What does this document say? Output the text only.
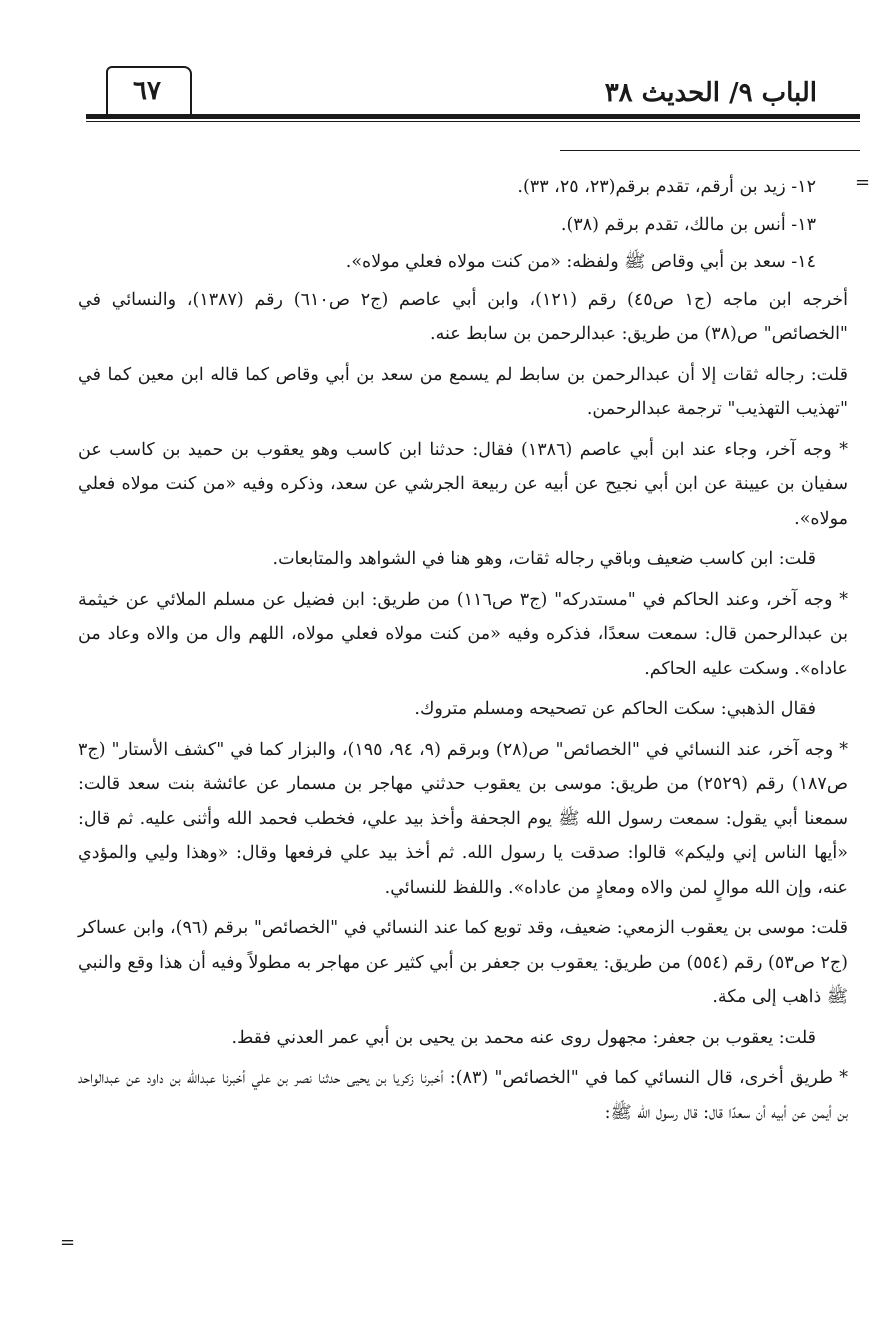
الباب ٩/ الحديث ٣٨
٦٧
=

١٢- زيد بن أرقم، تقدم برقم(٢٣، ٢٥، ٣٣).

١٣- أنس بن مالك، تقدم برقم (٣٨).

١٤- سعد بن أبي وقاص ﷺ ولفظه: «من كنت مولاه فعلي مولاه».

أخرجه ابن ماجه (ج١ ص٤٥) رقم (١٢١)، وابن أبي عاصم (ج٢ ص٦١٠) رقم (١٣٨٧)، والنسائي في "الخصائص" ص(٣٨) من طريق: عبدالرحمن بن سابط عنه.

قلت: رجاله ثقات إلا أن عبدالرحمن بن سابط لم يسمع من سعد بن أبي وقاص كما قاله ابن معين كما في "تهذيب التهذيب" ترجمة عبدالرحمن.

* وجه آخر، وجاء عند ابن أبي عاصم (١٣٨٦) فقال: حدثنا ابن كاسب وهو يعقوب بن حميد بن كاسب عن سفيان بن عيينة عن ابن أبي نجيح عن أبيه عن ربيعة الجرشي عن سعد، وذكره وفيه «من كنت مولاه فعلي مولاه».

قلت: ابن كاسب ضعيف وباقي رجاله ثقات، وهو هنا في الشواهد والمتابعات.

* وجه آخر، وعند الحاكم في "مستدركه" (ج٣ ص١١٦) من طريق: ابن فضيل عن مسلم الملائي عن خيثمة بن عبدالرحمن قال: سمعت سعدًا، فذكره وفيه «من كنت مولاه فعلي مولاه، اللهم وال من والاه وعاد من عاداه». وسكت عليه الحاكم.

فقال الذهبي: سكت الحاكم عن تصحيحه ومسلم متروك.

* وجه آخر، عند النسائي في "الخصائص" ص(٢٨) وبرقم (٩، ٩٤، ١٩٥)، والبزار كما في "كشف الأستار" (ج٣ ص١٨٧) رقم (٢٥٢٩) من طريق: موسى بن يعقوب حدثني مهاجر بن مسمار عن عائشة بنت سعد قالت: سمعنا أبي يقول: سمعت رسول الله ﷺ يوم الجحفة وأخذ بيد علي، فخطب فحمد الله وأثنى عليه. ثم قال: «أيها الناس إني وليكم» قالوا: صدقت يا رسول الله. ثم أخذ بيد علي فرفعها وقال: «وهذا وليي والمؤدي عنه، وإن الله موالٍ لمن والاه ومعادٍ من عاداه». واللفظ للنسائي.

قلت: موسى بن يعقوب الزمعي: ضعيف، وقد توبع كما عند النسائي في "الخصائص" برقم (٩٦)، وابن عساكر (ج٢ ص٥٣) رقم (٥٥٤) من طريق: يعقوب بن جعفر بن أبي كثير عن مهاجر به مطولاً وفيه أن هذا وقع والنبي ﷺ ذاهب إلى مكة.

قلت: يعقوب بن جعفر: مجهول روى عنه محمد بن يحيى بن أبي عمر العدني فقط.

* طريق أخرى، قال النسائي كما في "الخصائص" (٨٣): أخبرنا زكريا بن يحيى حدثنا نصر بن علي أخبرنا عبدالله بن داود عن عبدالواحد بن أيمن عن أبيه أن سعدًا قال: قال رسول الله ﷺ:

=
